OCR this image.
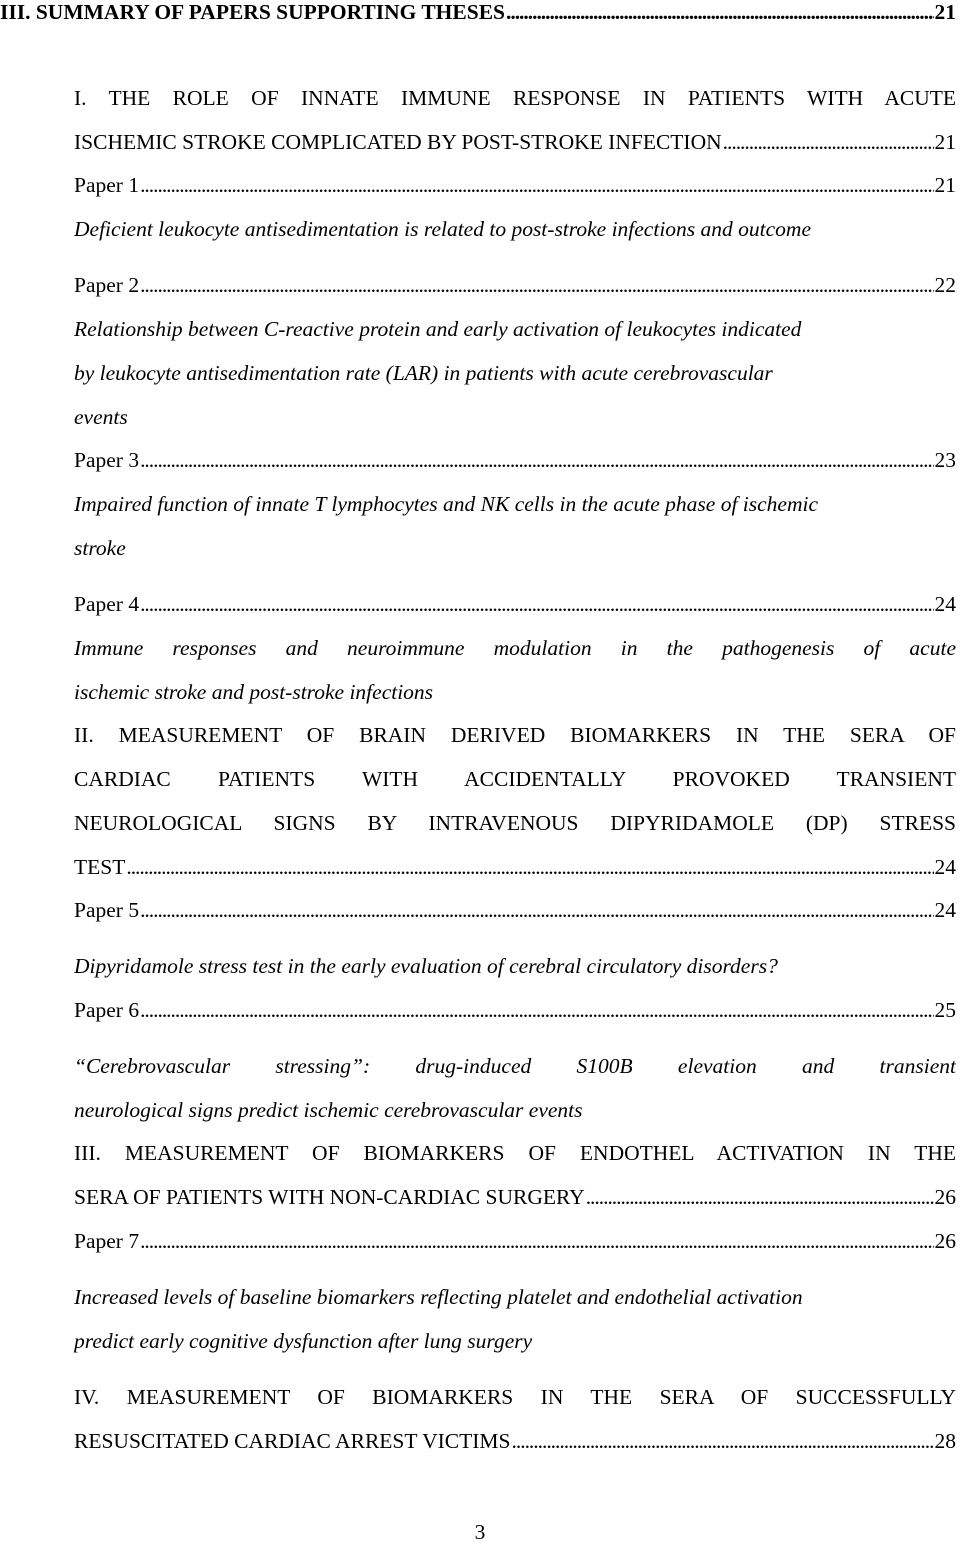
III. SUMMARY OF PAPERS SUPPORTING THESES . . .	21
I. THE ROLE OF INNATE IMMUNE RESPONSE IN PATIENTS WITH ACUTE
ISCHEMIC STROKE COMPLICATED BY POST-STROKE INFECTION . . .	21
Paper 1 . . .	21
Deficient leukocyte antisedimentation is related to post-stroke infections and outcome
Paper 2 . . .	22
Relationship between C-reactive protein and early activation of leukocytes indicated
by leukocyte antisedimentation rate (LAR) in patients with acute cerebrovascular
events
Paper 3 . . .	23
Impaired function of innate T lymphocytes and NK cells in the acute phase of ischemic
stroke
Paper 4 . . .	24
Immune responses and neuroimmune modulation in the pathogenesis of acute
ischemic stroke and post-stroke infections
II. MEASUREMENT OF BRAIN DERIVED BIOMARKERS IN THE SERA OF
CARDIAC PATIENTS WITH ACCIDENTALLY PROVOKED TRANSIENT
NEUROLOGICAL SIGNS BY INTRAVENOUS DIPYRIDAMOLE (DP) STRESS
TEST . . .	24
Paper 5 . . .	24
Dipyridamole stress test in the early evaluation of cerebral circulatory disorders?
Paper 6 . . .	25
“Cerebrovascular stressing”: drug-induced S100B elevation and transient
neurological signs predict ischemic cerebrovascular events
III. MEASUREMENT OF BIOMARKERS OF ENDOTHEL ACTIVATION IN THE
SERA OF PATIENTS WITH NON-CARDIAC SURGERY . . .	26
Paper 7 . . .	26
Increased levels of baseline biomarkers reflecting platelet and endothelial activation
predict early cognitive dysfunction after lung surgery
IV. MEASUREMENT OF BIOMARKERS IN THE SERA OF SUCCESSFULLY
RESUSCITATED CARDIAC ARREST VICTIMS . . .	28
3
